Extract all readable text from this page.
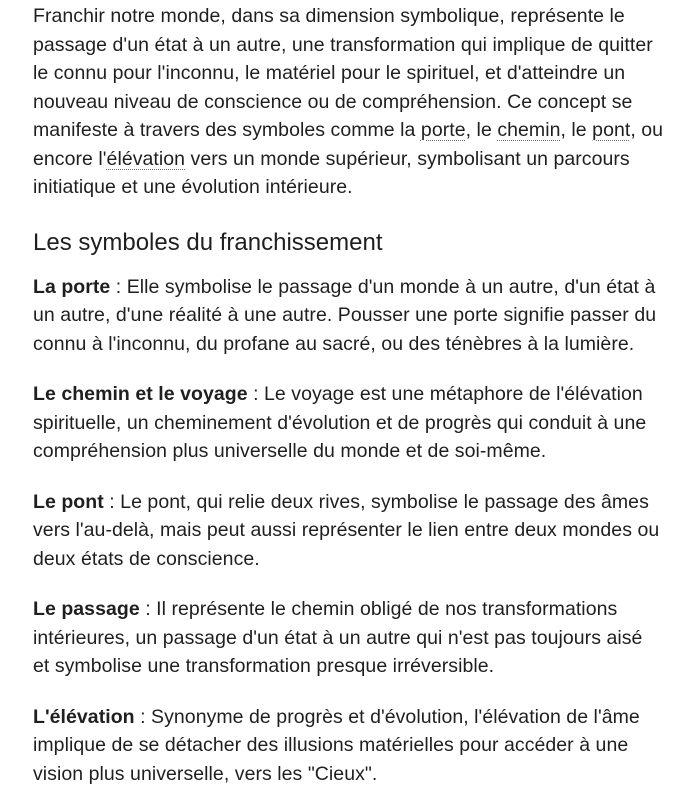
Franchir notre monde, dans sa dimension symbolique, représente le passage d'un état à un autre, une transformation qui implique de quitter le connu pour l'inconnu, le matériel pour le spirituel, et d'atteindre un nouveau niveau de conscience ou de compréhension. Ce concept se manifeste à travers des symboles comme la porte, le chemin, le pont, ou encore l'élévation vers un monde supérieur, symbolisant un parcours initiatique et une évolution intérieure.

Les symboles du franchissement

La porte : Elle symbolise le passage d'un monde à un autre, d'un état à un autre, d'une réalité à une autre. Pousser une porte signifie passer du connu à l'inconnu, du profane au sacré, ou des ténèbres à la lumière.

Le chemin et le voyage : Le voyage est une métaphore de l'élévation spirituelle, un cheminement d'évolution et de progrès qui conduit à une compréhension plus universelle du monde et de soi-même.

Le pont : Le pont, qui relie deux rives, symbolise le passage des âmes vers l'au-delà, mais peut aussi représenter le lien entre deux mondes ou deux états de conscience.

Le passage : Il représente le chemin obligé de nos transformations intérieures, un passage d'un état à un autre qui n'est pas toujours aisé et symbolise une transformation presque irréversible.

L'élévation : Synonyme de progrès et d'évolution, l'élévation de l'âme implique de se détacher des illusions matérielles pour accéder à une vision plus universelle, vers les "Cieux".
